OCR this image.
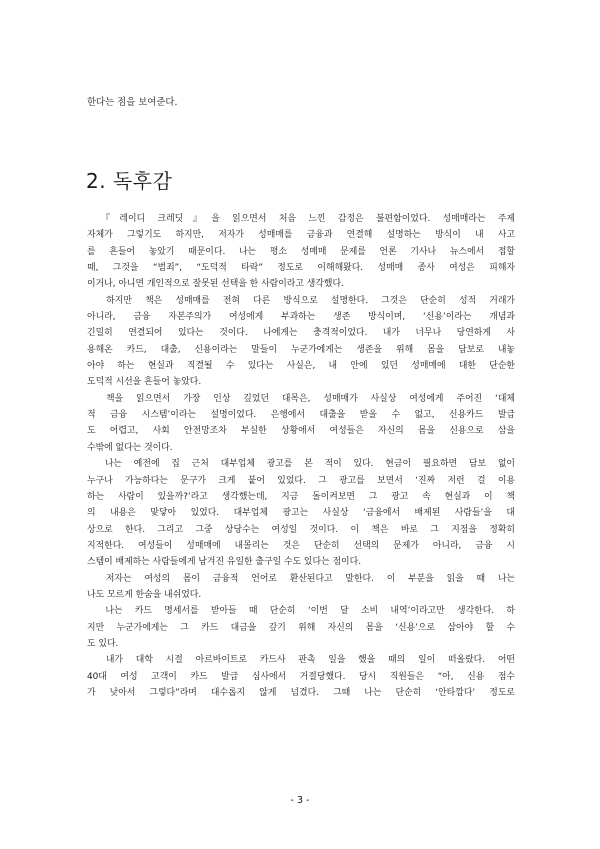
한다는 점을 보여준다.
2. 독후감
　『레이디 크레딧』을 읽으면서 처음 느낀 감정은 불편함이었다. 성매매라는 주제
자체가 그렇기도 하지만, 저자가 성매매를 금융과 연결해 설명하는 방식이 내 사고
를 흔들어 놓았기 때문이다. 나는 평소 성매매 문제를 언론 기사나 뉴스에서 접할
때, 그것을 “범죄”, “도덕적 타락” 정도로 이해해왔다. 성매매 종사 여성은 피해자
이거나, 아니면 개인적으로 잘못된 선택을 한 사람이라고 생각했다.
　하지만 책은 성매매를 전혀 다른 방식으로 설명한다. 그것은 단순히 성적 거래가
아니라, 금융 자본주의가 여성에게 부과하는 생존 방식이며, ‘신용’이라는 개념과
긴밀히 연결되어 있다는 것이다. 나에게는 충격적이었다. 내가 너무나 당연하게 사
용해온 카드, 대출, 신용이라는 말들이 누군가에게는 생존을 위해 몸을 담보로 내놓
아야 하는 현실과 직결될 수 있다는 사실은, 내 안에 있던 성매매에 대한 단순한
도덕적 시선을 흔들어 놓았다.
　책을 읽으면서 가장 인상 깊었던 대목은, 성매매가 사실상 여성에게 주어진 ‘대체
적 금융 시스템’이라는 설명이었다. 은행에서 대출을 받을 수 없고, 신용카드 발급
도 어렵고, 사회 안전망조차 부실한 상황에서 여성들은 자신의 몸을 신용으로 삼을
수밖에 없다는 것이다.
　나는 예전에 집 근처 대부업체 광고를 본 적이 있다. 현금이 필요하면 담보 없이
누구나 가능하다는 문구가 크게 붙어 있었다. 그 광고를 보면서 ‘진짜 저런 걸 이용
하는 사람이 있을까?’라고 생각했는데, 지금 돌이켜보면 그 광고 속 현실과 이 책
의 내용은 맞닿아 있었다. 대부업체 광고는 사실상 ‘금융에서 배제된 사람들’을 대
상으로 한다. 그리고 그중 상당수는 여성일 것이다. 이 책은 바로 그 지점을 정확히
지적한다. 여성들이 성매매에 내몰리는 것은 단순히 선택의 문제가 아니라, 금융 시
스템이 배제하는 사람들에게 남겨진 유일한 출구일 수도 있다는 점이다.
　저자는 여성의 몸이 금융적 언어로 환산된다고 말한다. 이 부분을 읽을 때 나는
나도 모르게 한숨을 내쉬었다.
　나는 카드 명세서를 받아들 때 단순히 ‘이번 달 소비 내역’이라고만 생각한다. 하
지만 누군가에게는 그 카드 대금을 갚기 위해 자신의 몸을 ‘신용’으로 삼아야 할 수
도 있다.
　내가 대학 시절 아르바이트로 카드사 판촉 일을 했을 때의 일이 떠올랐다. 어떤
40대 여성 고객이 카드 발급 심사에서 거절당했다. 당시 직원들은 “아, 신용 점수
가 낮아서 그렇다”라며 대수롭지 않게 넘겼다. 그때 나는 단순히 ‘안타깝다’ 정도로
- 3 -
